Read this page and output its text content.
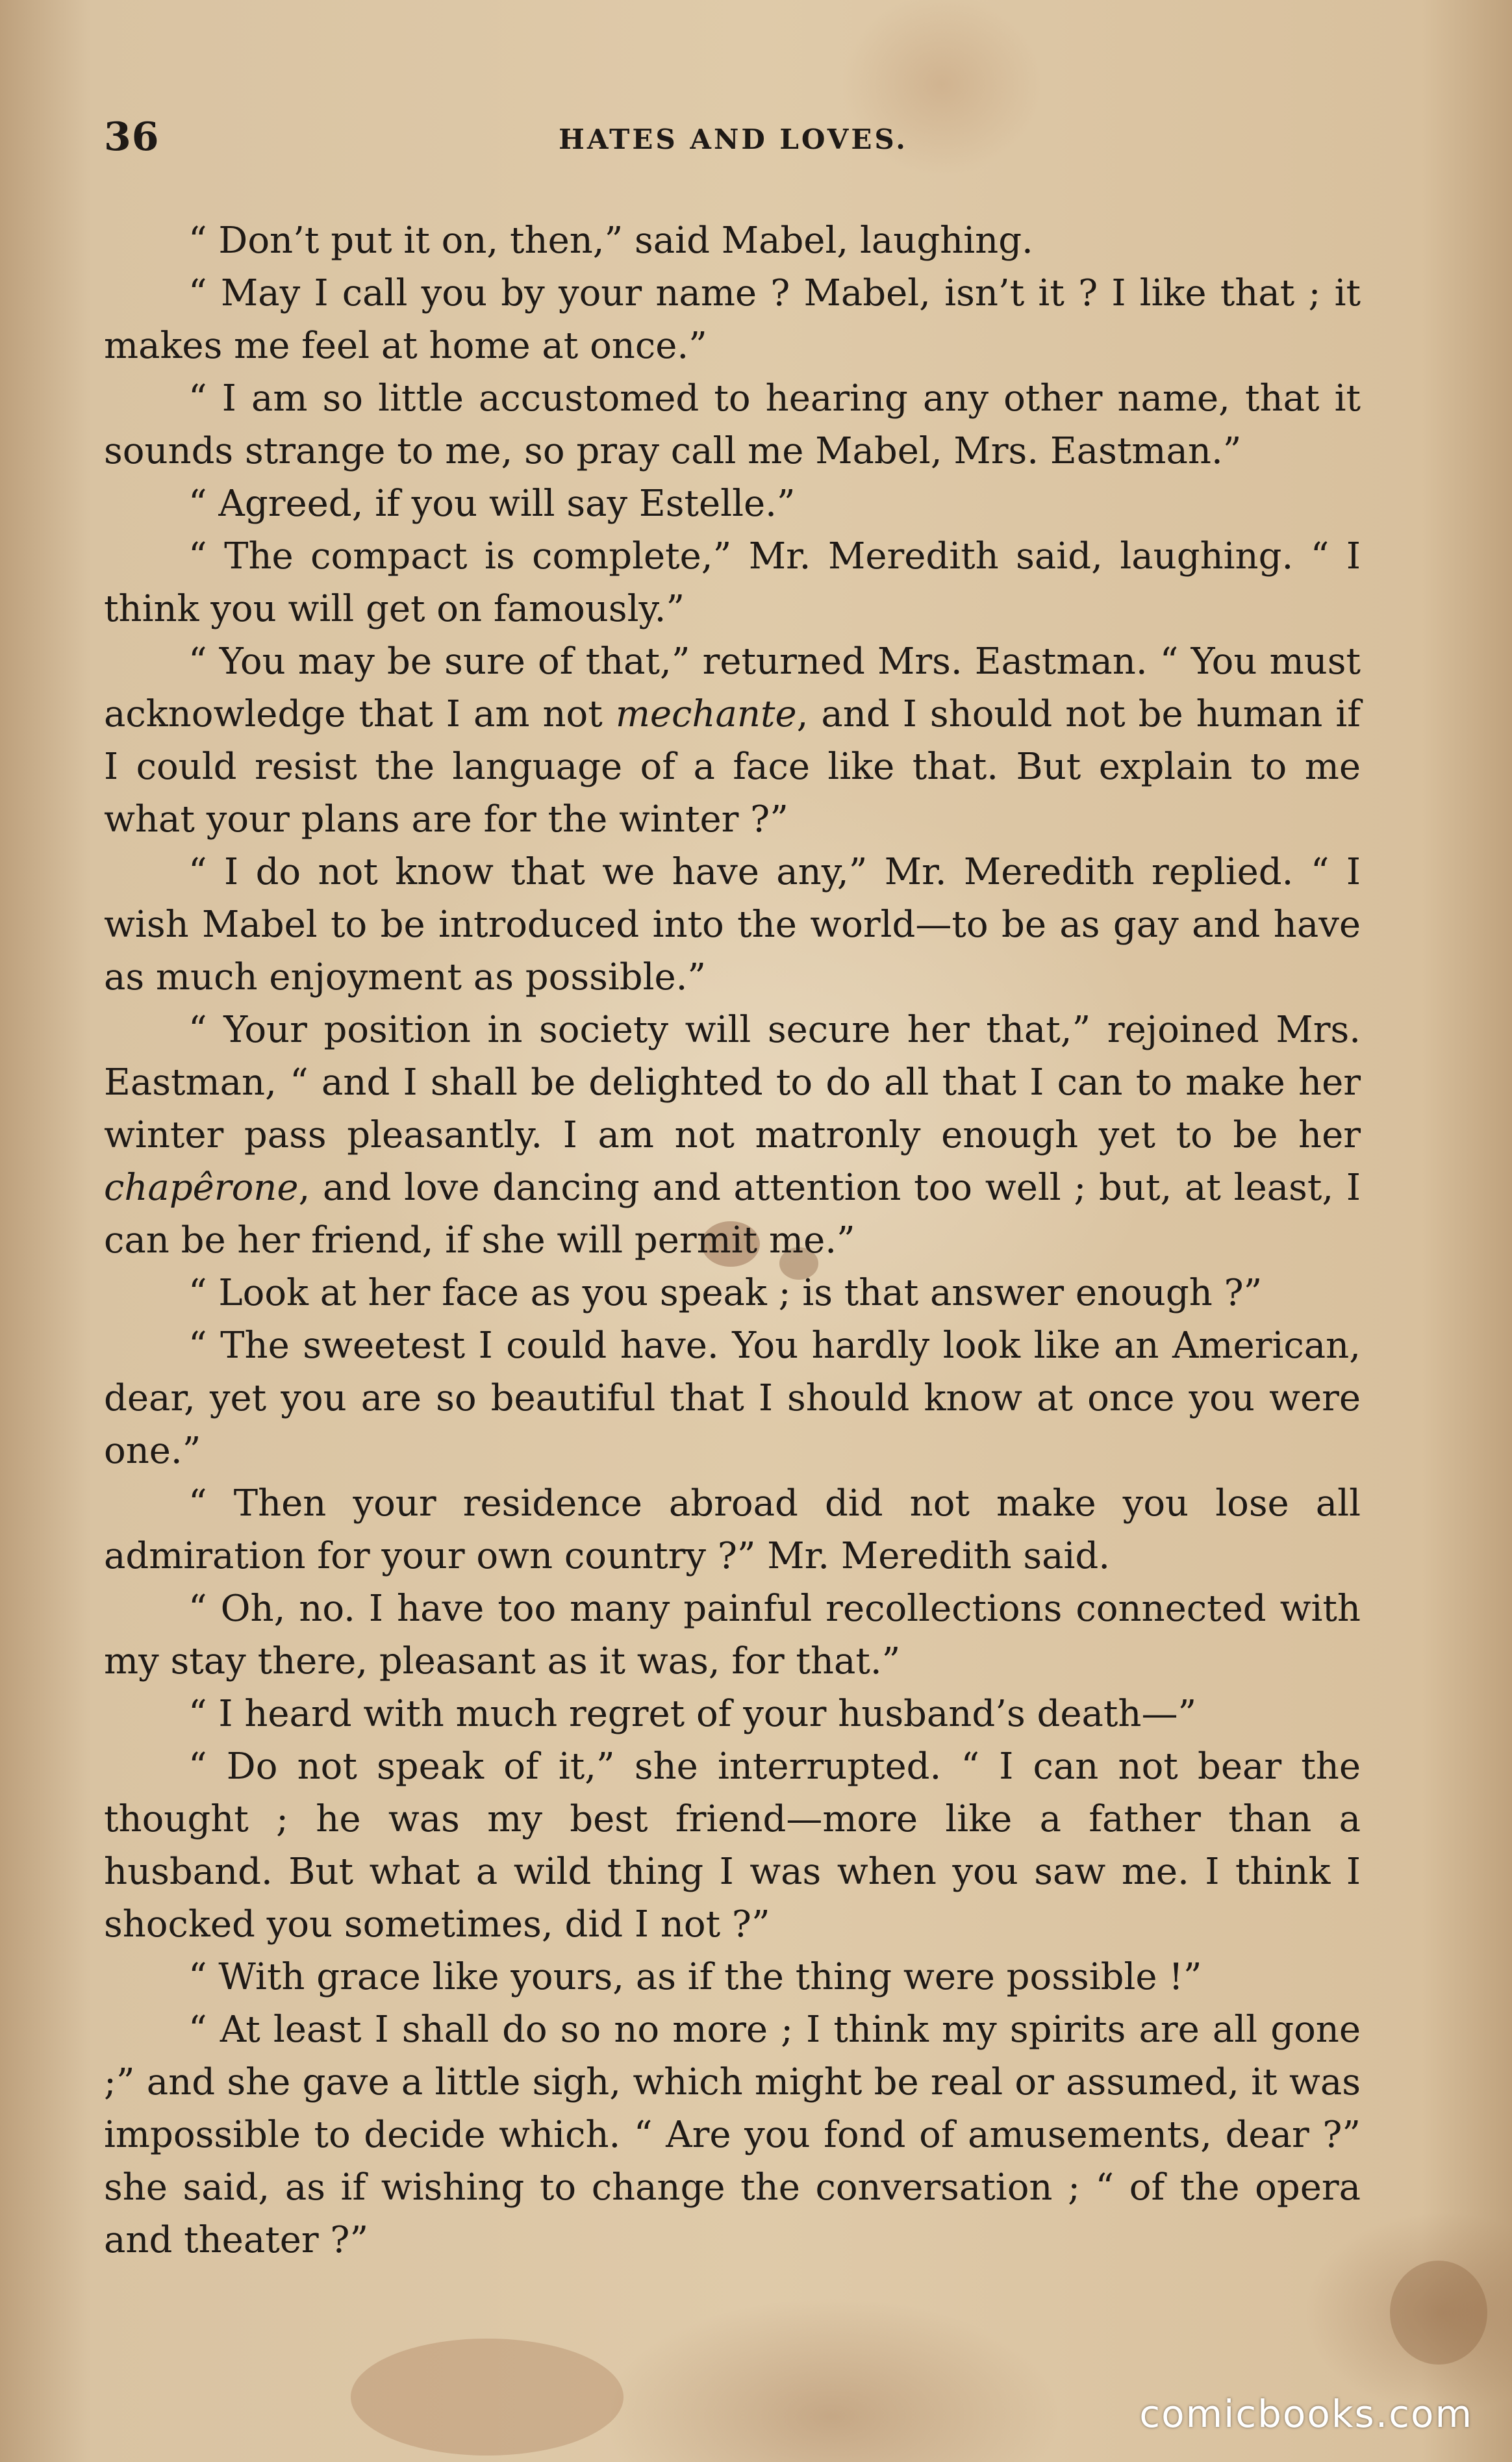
36	HATES AND LOVES.

“ Don’t put it on, then,” said Mabel, laughing.

“ May I call you by your name ? Mabel, isn’t it ? I like that ; it makes me feel at home at once.”

“ I am so little accustomed to hearing any other name, that it sounds strange to me, so pray call me Mabel, Mrs. Eastman.”

“ Agreed, if you will say Estelle.”

“ The compact is complete,” Mr. Meredith said, laughing. “ I think you will get on famously.”

“ You may be sure of that,” returned Mrs. Eastman. “ You must acknowledge that I am not mechante, and I should not be human if I could resist the language of a face like that. But explain to me what your plans are for the winter ?”

“ I do not know that we have any,” Mr. Meredith replied. “ I wish Mabel to be introduced into the world—to be as gay and have as much enjoyment as possible.”

“ Your position in society will secure her that,” rejoined Mrs. Eastman, “ and I shall be delighted to do all that I can to make her winter pass pleasantly. I am not matronly enough yet to be her chapêrone, and love dancing and attention too well ; but, at least, I can be her friend, if she will permit me.”

“ Look at her face as you speak ; is that answer enough ?”

“ The sweetest I could have. You hardly look like an American, dear, yet you are so beautiful that I should know at once you were one.”

“ Then your residence abroad did not make you lose all admiration for your own country ?” Mr. Meredith said.

“ Oh, no. I have too many painful recollections connected with my stay there, pleasant as it was, for that.”

“ I heard with much regret of your husband’s death—”

“ Do not speak of it,” she interrupted. “ I can not bear the thought ; he was my best friend—more like a father than a husband. But what a wild thing I was when you saw me. I think I shocked you sometimes, did I not ?”

“ With grace like yours, as if the thing were possible !”

“ At least I shall do so no more ; I think my spirits are all gone ;” and she gave a little sigh, which might be real or assumed, it was impossible to decide which. “ Are you fond of amusements, dear ?” she said, as if wishing to change the conversation ; “ of the opera and theater ?”

comicbooks.com
